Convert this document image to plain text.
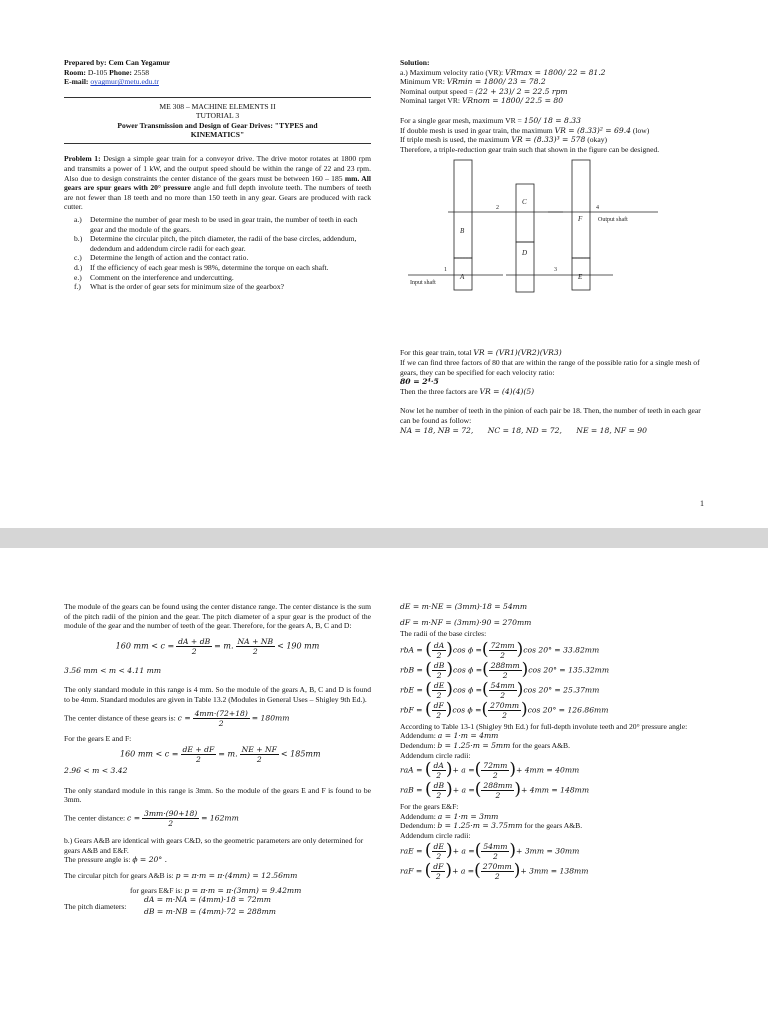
Prepared by: Cem Can Yegamur
Room: D-105 Phone: 2558
E-mail: oyagmur@metu.edu.tr
ME 308 – MACHINE ELEMENTS II
TUTORIAL 3
Power Transmission and Design of Gear Drives: "TYPES and
KINEMATICS"

Problem 1: Design a simple gear train for a conveyor drive. The drive motor rotates at 1800 rpm and transmits a power of 1 kW, and the output speed should be within the range of 22 and 23 rpm. Also due to design constraints the center distance of the gears must be between 160 – 185 mm. All gears are spur gears with 20° pressure angle and full depth involute teeth. The numbers of teeth are not fewer than 18 teeth and no more than 150 teeth in any gear. Gears are produced with rack cutter.

a.) Determine the number of gear mesh to be used in gear train, the number of teeth in each gear and the module of the gears.
b.) Determine the circular pitch, the pitch diameter, the radii of the base circles, addendum, dedendum and addendum circle radii for each gear.
c.) Determine the length of action and the contact ratio.
d.) If the efficiency of each gear mesh is 98%, determine the torque on each shaft.
e.) Comment on the interference and undercutting.
f.) What is the order of gear sets for minimum size of the gearbox?
Solution:
a.) Maximum velocity ratio (VR): VRmax = 1800/ 22 = 81.2
Minimum VR: VRmin = 1800/ 23 = 78.2
Nominal output speed = (22 + 23)/ 2 = 22.5 rpm
Nominal target VR: VRnom = 1800/ 22.5 = 80
For a single gear mesh, maximum VR = 150/ 18 = 8.33
If double mesh is used in gear train, the maximum VR = (8.33)² = 69.4 (low)
If triple mesh is used, the maximum VR = (8.33)³ = 578 (okay)

Therefore, a triple-reduction gear train such that shown in the figure can be designed.

A
B
C
D
E
F
1
2
3
4
Input shaft
Output shaft
For this gear train, total VR = (VR1)(VR2)(VR3)

If we can find three factors of 80 that are within the range of the possible ratio for a single mesh of gears, they can be specified for each velocity ratio:

80 = 2⁴·5
Then the three factors are VR = (4)(4)(5)

Now let he number of teeth in the pinion of each pair be 18. Then, the number of teeth in each gear can be found as follow:

NA = 18, NB = 72, NC = 18, ND = 72, NE = 18, NF = 90
1

The module of the gears can be found using the center distance range. The center distance is the sum of the pitch radii of the pinion and the gear. The pitch diameter of a spur gear is the product of the module of the gear and the number of teeth of the gear. Therefore, for the gears A, B, C and D:

160 mm < $c = \frac{dA + dB}{2} = m$. $\frac{NA + NB}{2} < 190$ mm
3.56 mm < m < 4.11 mm

The only standard module in this range is 4 mm. So the module of the gears A, B, C and D is found to be 4mm. Standard modules are given in Table 13.2 (Modules in General Uses – Shigley 9th Ed.).

The center distance of these gears is: $c = \frac{4mm\cdot(72+18)}{2} = 180mm$
For the gears E and F:
160 mm < $c = \frac{dE + dF}{2} = m$. $\frac{NE + NF}{2} < 185mm$
2.96 < m < 3.42

The only standard module in this range is 3mm. So the module of the gears E and F is found to be 3mm.

The center distance: $c = \frac{3mm\cdot(90+18)}{2} = 162mm$

b.) Gears A&B are identical with gears C&D, so the geometric parameters are only determined for gears A&B and E&F.

The pressure angle is: ϕ = 20° .
The circular pitch for gears A&B is: p = π·m = π·(4mm) = 12.56mm
for gears E&F is: p = π·m = π·(3mm) = 9.42mm
The pitch diameters:
dA = m·NA = (4mm)·18 = 72mm
dB = m·NB = (4mm)·72 = 288mm
dE = m·NE = (3mm)·18 = 54mm
dF = m·NF = (3mm)·90 = 270mm
The radii of the base circles:
rbA = ( $\frac{dA}{2} )\cos$ ϕ =( $\frac{72mm}{2} )\cos$ 20° = 33.82mm
rbB = ( $\frac{dB}{2} )\cos$ ϕ =( $\frac{288mm}{2} )\cos$ 20° = 135.32mm
rbE = ( $\frac{dE}{2} )\cos$ ϕ =( $\frac{54mm}{2} )\cos$ 20° = 25.37mm
rbF = ( $\frac{dF}{2} )\cos$ ϕ =( $\frac{270mm}{2} )\cos$ 20° = 126.86mm

According to Table 13-1 (Shigley 9th Ed.) for full-depth involute teeth and 20° pressure angle:

Addendum: a = 1·m = 4mm
Dedendum: b = 1.25·m = 5mm for the gears A&B.
Addendum circle radii:
raA = ( $\frac{dA}{2}$ )+ a =( $\frac{72mm}{2}$ )+ 4mm = 40mm
raB = ( $\frac{dB}{2}$ )+ a =( $\frac{288mm}{2}$ )+ 4mm = 148mm
For the gears E&F:
Addendum: a = 1·m = 3mm
Dedendum: b = 1.25·m = 3.75mm for the gears A&B.
Addendum circle radii:
raE = ( $\frac{dE}{2}$ )+ a =( $\frac{54mm}{2}$ )+ 3mm = 30mm
raF = ( $\frac{dF}{2}$ )+ a =( $\frac{270mm}{2}$ )+ 3mm = 138mm
